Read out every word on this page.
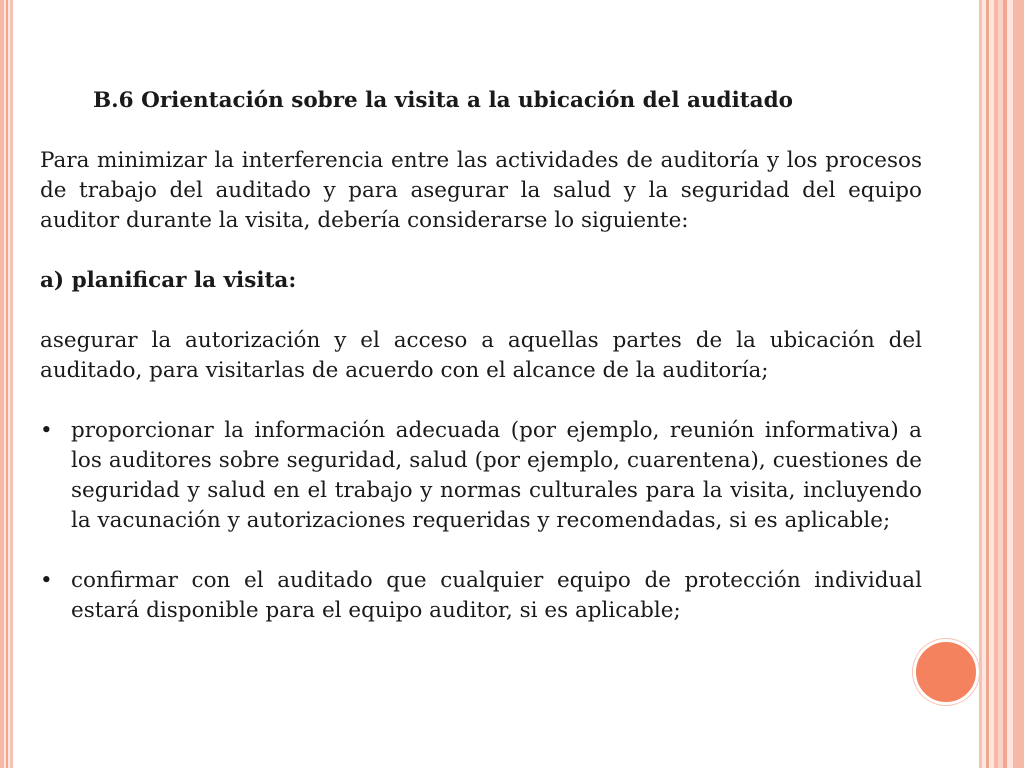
B.6 Orientación sobre la visita a la ubicación del auditado
Para minimizar la interferencia entre las actividades de auditoría y los procesos de trabajo del auditado y para asegurar la salud y la seguridad del equipo auditor durante la visita, debería considerarse lo siguiente:
a) planificar la visita:
asegurar la autorización y el acceso a aquellas partes de la ubicación del auditado, para visitarlas de acuerdo con el alcance de la auditoría;
• proporcionar la información adecuada (por ejemplo, reunión informativa) a los auditores sobre seguridad, salud (por ejemplo, cuarentena), cuestiones de seguridad y salud en el trabajo y normas culturales para la visita, incluyendo la vacunación y autorizaciones requeridas y recomendadas, si es aplicable;
• confirmar con el auditado que cualquier equipo de protección individual estará disponible para el equipo auditor, si es aplicable;
